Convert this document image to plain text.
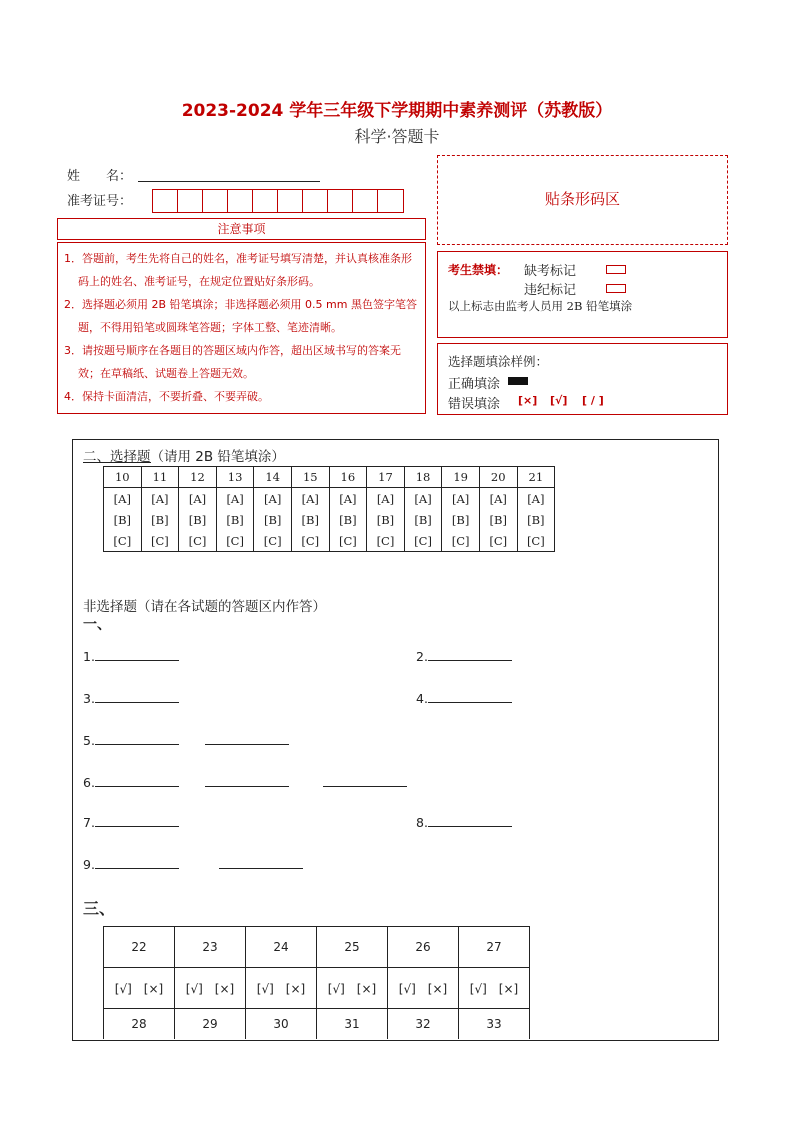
2023-2024 学年三年级下学期期中素养测评（苏教版）
科学·答题卡
姓　　名：
准考证号：
注意事项

1．答题前，考生先将自己的姓名，准考证号填写清楚，并认真核准条形码上的姓名、准考证号，在规定位置贴好条形码。

2．选择题必须用 2B 铅笔填涂；非选择题必须用 0.5 mm 黑色签字笔答题，不得用铅笔或圆珠笔答题；字体工整、笔迹清晰。

3．请按题号顺序在各题目的答题区域内作答，超出区域书写的答案无效；在草稿纸、试题卷上答题无效。

4．保持卡面清洁，不要折叠、不要弄破。

贴条形码区
考生禁填： 缺考标记
违纪标记
以上标志由监考人员用 2B 铅笔填涂
选择题填涂样例：
正确填涂
错误填涂 [×] [√] [ / ]
二、选择题（请用 2B 铅笔填涂）
10	11	12	13	14	15	16	17	18	19	20	21
[A]	[A]	[A]	[A]	[A]	[A]	[A]	[A]	[A]	[A]	[A]	[A]
[B]	[B]	[B]	[B]	[B]	[B]	[B]	[B]	[B]	[B]	[B]	[B]
[C]	[C]	[C]	[C]	[C]	[C]	[C]	[C]	[C]	[C]	[C]	[C]
非选择题（请在各试题的答题区内作答）
一、
1.	2.
3.	4.
5.
6.
7.	8.
9.
三、
22	23	24	25	26	27
[√]　[×]	[√]　[×]	[√]　[×]	[√]　[×]	[√]　[×]	[√]　[×]
28	29	30	31	32	33
